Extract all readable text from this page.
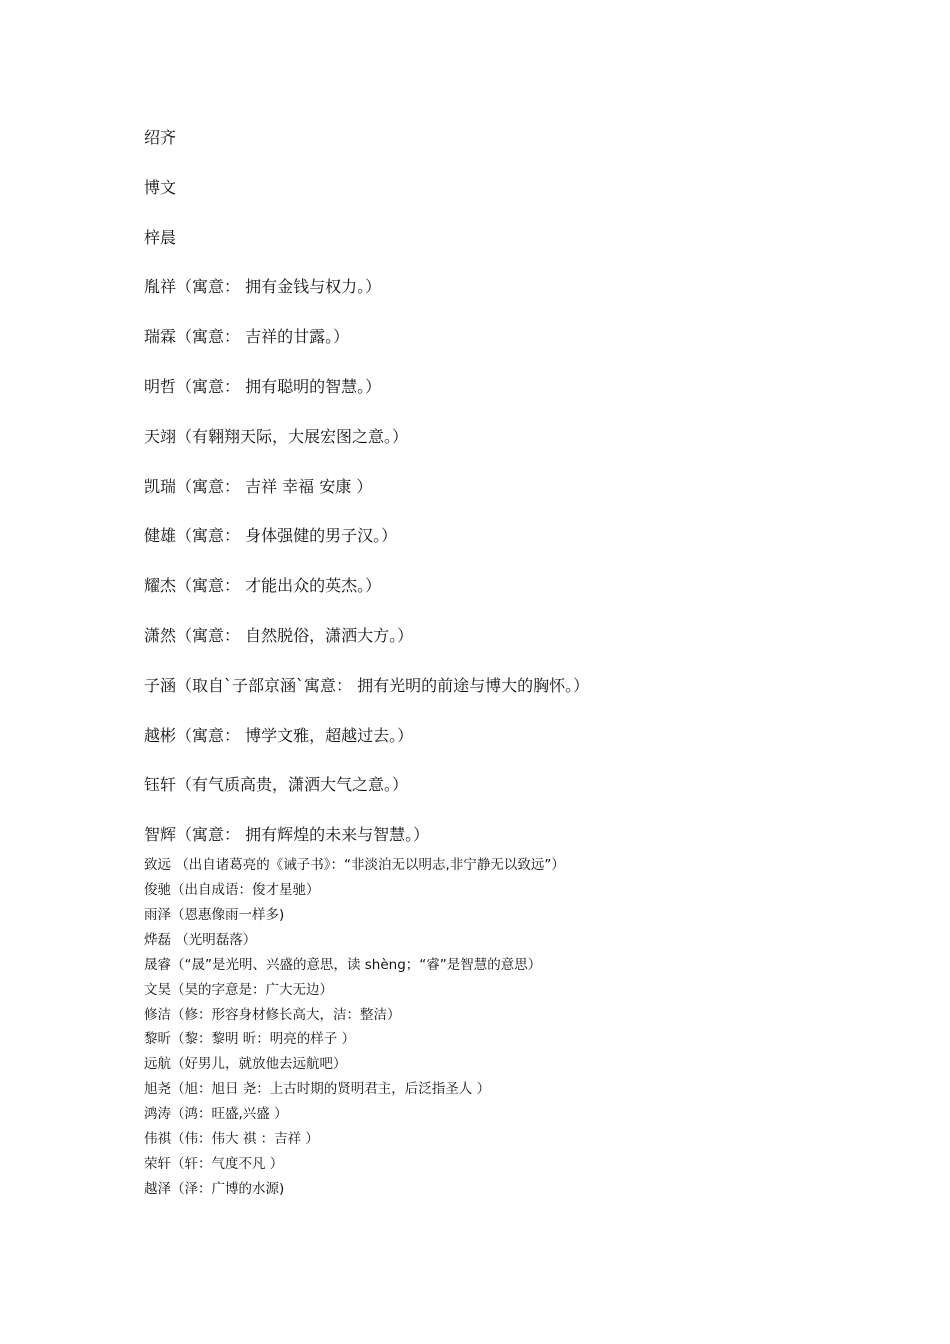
绍齐
博文
梓晨
胤祥（寓意： 拥有金钱与权力。）
瑞霖（寓意： 吉祥的甘露。）
明哲（寓意： 拥有聪明的智慧。）
天翊（有翱翔天际，大展宏图之意。）
凯瑞（寓意： 吉祥 幸福 安康 ）
健雄（寓意： 身体强健的男子汉。）
耀杰（寓意： 才能出众的英杰。）
潇然（寓意： 自然脱俗，潇洒大方。）
子涵（取自`子部京涵`寓意： 拥有光明的前途与博大的胸怀。）
越彬（寓意： 博学文雅，超越过去。）
钰轩（有气质高贵，潇洒大气之意。）
智辉（寓意： 拥有辉煌的未来与智慧。）
致远 （出自诸葛亮的《诫子书》：“非淡泊无以明志,非宁静无以致远”）
俊驰（出自成语：俊才星驰）
雨泽（恩惠像雨一样多)
烨磊 （光明磊落）
晟睿（“晟”是光明、兴盛的意思，读 shèng；“睿”是智慧的意思）
文昊（昊的字意是：广大无边）
修洁（修：形容身材修长高大，洁：整洁）
黎昕（黎：黎明 昕：明亮的样子 ）
远航（好男儿，就放他去远航吧）
旭尧（旭：旭日 尧：上古时期的贤明君主，后泛指圣人 ）
鸿涛（鸿：旺盛,兴盛 ）
伟祺（伟：伟大 祺 ：吉祥 ）
荣轩（轩：气度不凡 ）
越泽（泽：广博的水源)
